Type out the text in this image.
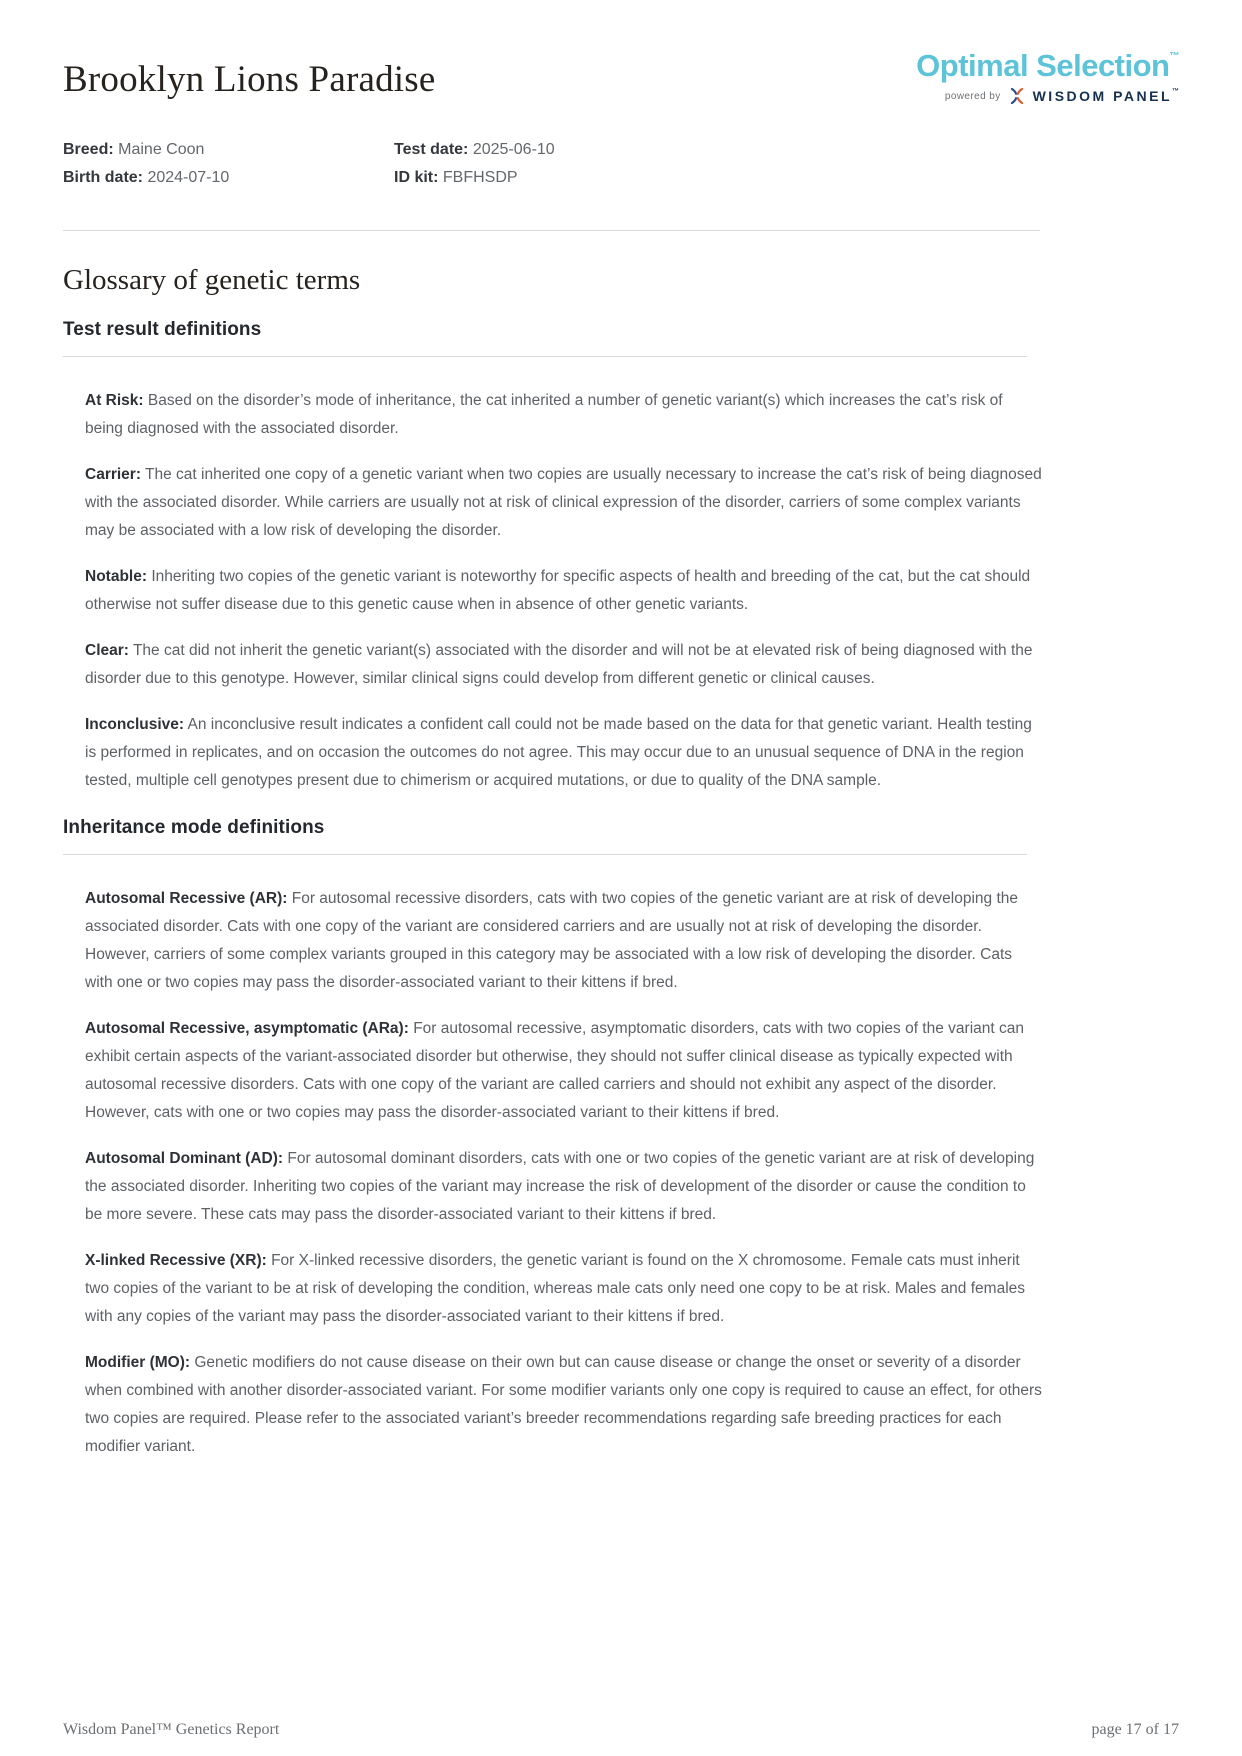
Brooklyn Lions Paradise	Optimal Selection™
powered by WISDOM PANEL™
Breed: Maine Coon	Test date: 2025-06-10
Birth date: 2024-07-10	ID kit: FBFHSDP
Glossary of genetic terms
Test result definitions

At Risk: Based on the disorder’s mode of inheritance, the cat inherited a number of genetic variant(s) which increases the cat’s risk of being diagnosed with the associated disorder.

Carrier: The cat inherited one copy of a genetic variant when two copies are usually necessary to increase the cat’s risk of being diagnosed with the associated disorder. While carriers are usually not at risk of clinical expression of the disorder, carriers of some complex variants may be associated with a low risk of developing the disorder.

Notable: Inheriting two copies of the genetic variant is noteworthy for specific aspects of health and breeding of the cat, but the cat should otherwise not suffer disease due to this genetic cause when in absence of other genetic variants.

Clear: The cat did not inherit the genetic variant(s) associated with the disorder and will not be at elevated risk of being diagnosed with the disorder due to this genotype. However, similar clinical signs could develop from different genetic or clinical causes.

Inconclusive: An inconclusive result indicates a confident call could not be made based on the data for that genetic variant. Health testing is performed in replicates, and on occasion the outcomes do not agree. This may occur due to an unusual sequence of DNA in the region tested, multiple cell genotypes present due to chimerism or acquired mutations, or due to quality of the DNA sample.

Inheritance mode definitions

Autosomal Recessive (AR): For autosomal recessive disorders, cats with two copies of the genetic variant are at risk of developing the associated disorder. Cats with one copy of the variant are considered carriers and are usually not at risk of developing the disorder. However, carriers of some complex variants grouped in this category may be associated with a low risk of developing the disorder. Cats with one or two copies may pass the disorder-associated variant to their kittens if bred.

Autosomal Recessive, asymptomatic (ARa): For autosomal recessive, asymptomatic disorders, cats with two copies of the variant can exhibit certain aspects of the variant-associated disorder but otherwise, they should not suffer clinical disease as typically expected with autosomal recessive disorders. Cats with one copy of the variant are called carriers and should not exhibit any aspect of the disorder. However, cats with one or two copies may pass the disorder-associated variant to their kittens if bred.

Autosomal Dominant (AD): For autosomal dominant disorders, cats with one or two copies of the genetic variant are at risk of developing the associated disorder. Inheriting two copies of the variant may increase the risk of development of the disorder or cause the condition to be more severe. These cats may pass the disorder-associated variant to their kittens if bred.

X-linked Recessive (XR): For X-linked recessive disorders, the genetic variant is found on the X chromosome. Female cats must inherit two copies of the variant to be at risk of developing the condition, whereas male cats only need one copy to be at risk. Males and females with any copies of the variant may pass the disorder-associated variant to their kittens if bred.

Modifier (MO): Genetic modifiers do not cause disease on their own but can cause disease or change the onset or severity of a disorder when combined with another disorder-associated variant. For some modifier variants only one copy is required to cause an effect, for others two copies are required. Please refer to the associated variant’s breeder recommendations regarding safe breeding practices for each modifier variant.

Wisdom Panel™ Genetics Report	page 17 of 17
